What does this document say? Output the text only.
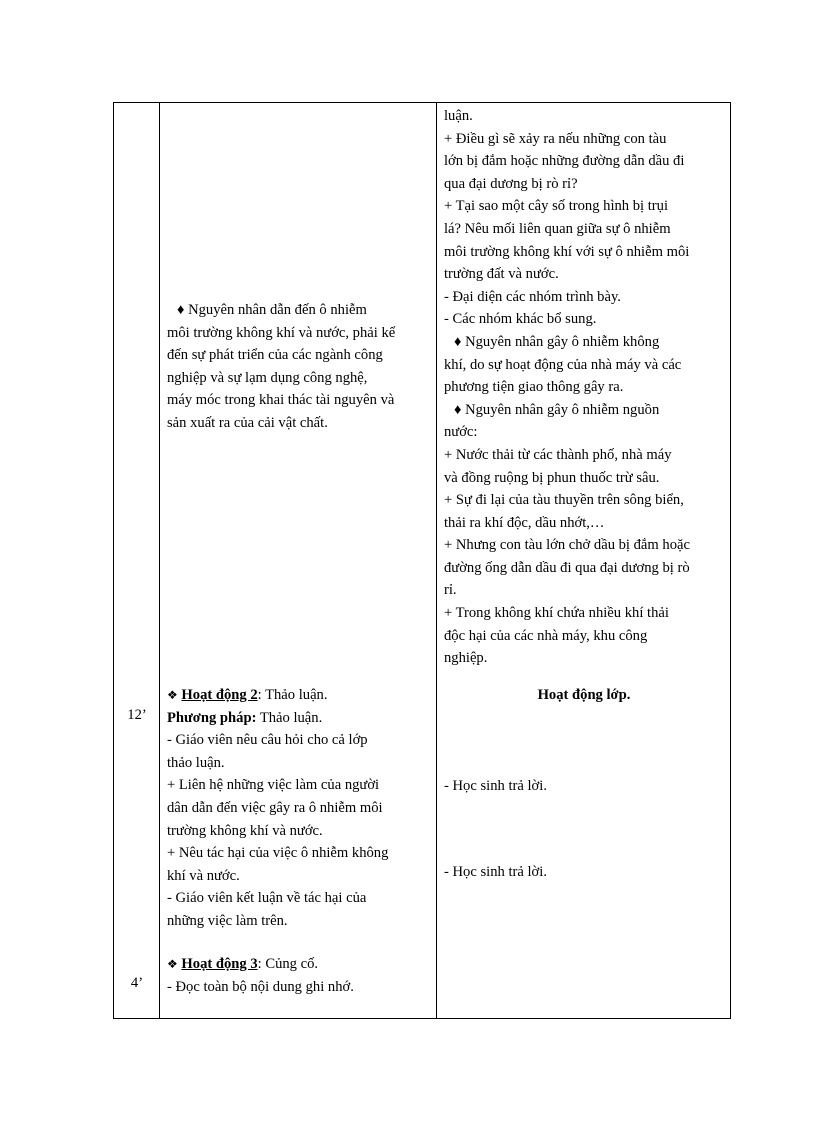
12’
4’

♦ Nguyên nhân dẫn đến ô nhiễm

môi trường không khí và nước, phải kể

đến sự phát triển của các ngành công

nghiệp và sự lạm dụng công nghệ,

máy móc trong khai thác tài nguyên và

sản xuất ra của cải vật chất.

❖ Hoạt động 2: Thảo luận.

Phương pháp: Thảo luận.

- Giáo viên nêu câu hỏi cho cả lớp

thảo luận.

+ Liên hệ những việc làm của người

dân dẫn đến việc gây ra ô nhiễm môi

trường không khí và nước.

+ Nêu tác hại của việc ô nhiễm không

khí và nước.

- Giáo viên kết luận về tác hại của

những việc làm trên.

❖ Hoạt động 3: Củng cố.

- Đọc toàn bộ nội dung ghi nhớ.

luận.

+ Điều gì sẽ xảy ra nếu những con tàu

lớn bị đắm hoặc những đường dẫn dầu đi

qua đại dương bị rò rỉ?

+ Tại sao một cây số trong hình bị trụi

lá? Nêu mối liên quan giữa sự ô nhiễm

môi trường không khí với sự ô nhiễm môi

trường đất và nước.

- Đại diện các nhóm trình bày.

- Các nhóm khác bổ sung.

♦ Nguyên nhân gây ô nhiễm không

khí, do sự hoạt động của nhà máy và các

phương tiện giao thông gây ra.

♦ Nguyên nhân gây ô nhiễm nguồn

nước:

+ Nước thải từ các thành phố, nhà máy

và đồng ruộng bị phun thuốc trừ sâu.

+ Sự đi lại của tàu thuyền trên sông biển,

thải ra khí độc, dầu nhớt,…

+ Nhưng con tàu lớn chở dầu bị đắm hoặc

đường ống dẫn dầu đi qua đại dương bị rò

rỉ.

+ Trong không khí chứa nhiều khí thải

độc hại của các nhà máy, khu công

nghiệp.

Hoạt động lớp.
- Học sinh trả lời.
- Học sinh trả lời.
